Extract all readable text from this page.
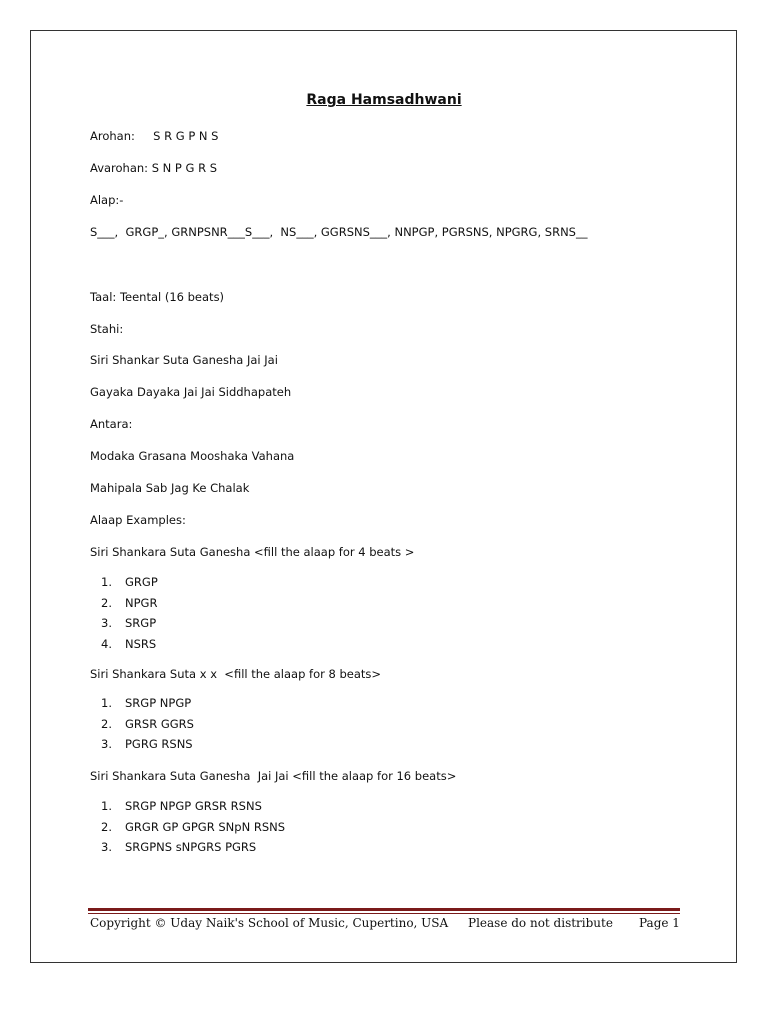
Raga Hamsadhwani
Arohan:     S R G P N S
Avarohan: S N P G R S
Alap:-
S___,  GRGP_, GRNPSNR___S___,  NS___, GGRSNS___, NNPGP, PGRSNS, NPGRG, SRNS__
Taal: Teental (16 beats)
Stahi:
Siri Shankar Suta Ganesha Jai Jai
Gayaka Dayaka Jai Jai Siddhapateh
Antara:
Modaka Grasana Mooshaka Vahana
Mahipala Sab Jag Ke Chalak
Alaap Examples:
Siri Shankara Suta Ganesha <fill the alaap for 4 beats >
1. GRGP
2. NPGR
3. SRGP
4. NSRS
Siri Shankara Suta x x  <fill the alaap for 8 beats>
1. SRGP NPGP
2. GRSR GGRS
3. PGRG RSNS
Siri Shankara Suta Ganesha  Jai Jai <fill the alaap for 16 beats>
1. SRGP NPGP GRSR RSNS
2. GRGR GP GPGR SNpN RSNS
3. SRGPNS sNPGRS PGRS
Copyright © Uday Naik's School of Music, Cupertino, USA Please do not distribute Page 1
